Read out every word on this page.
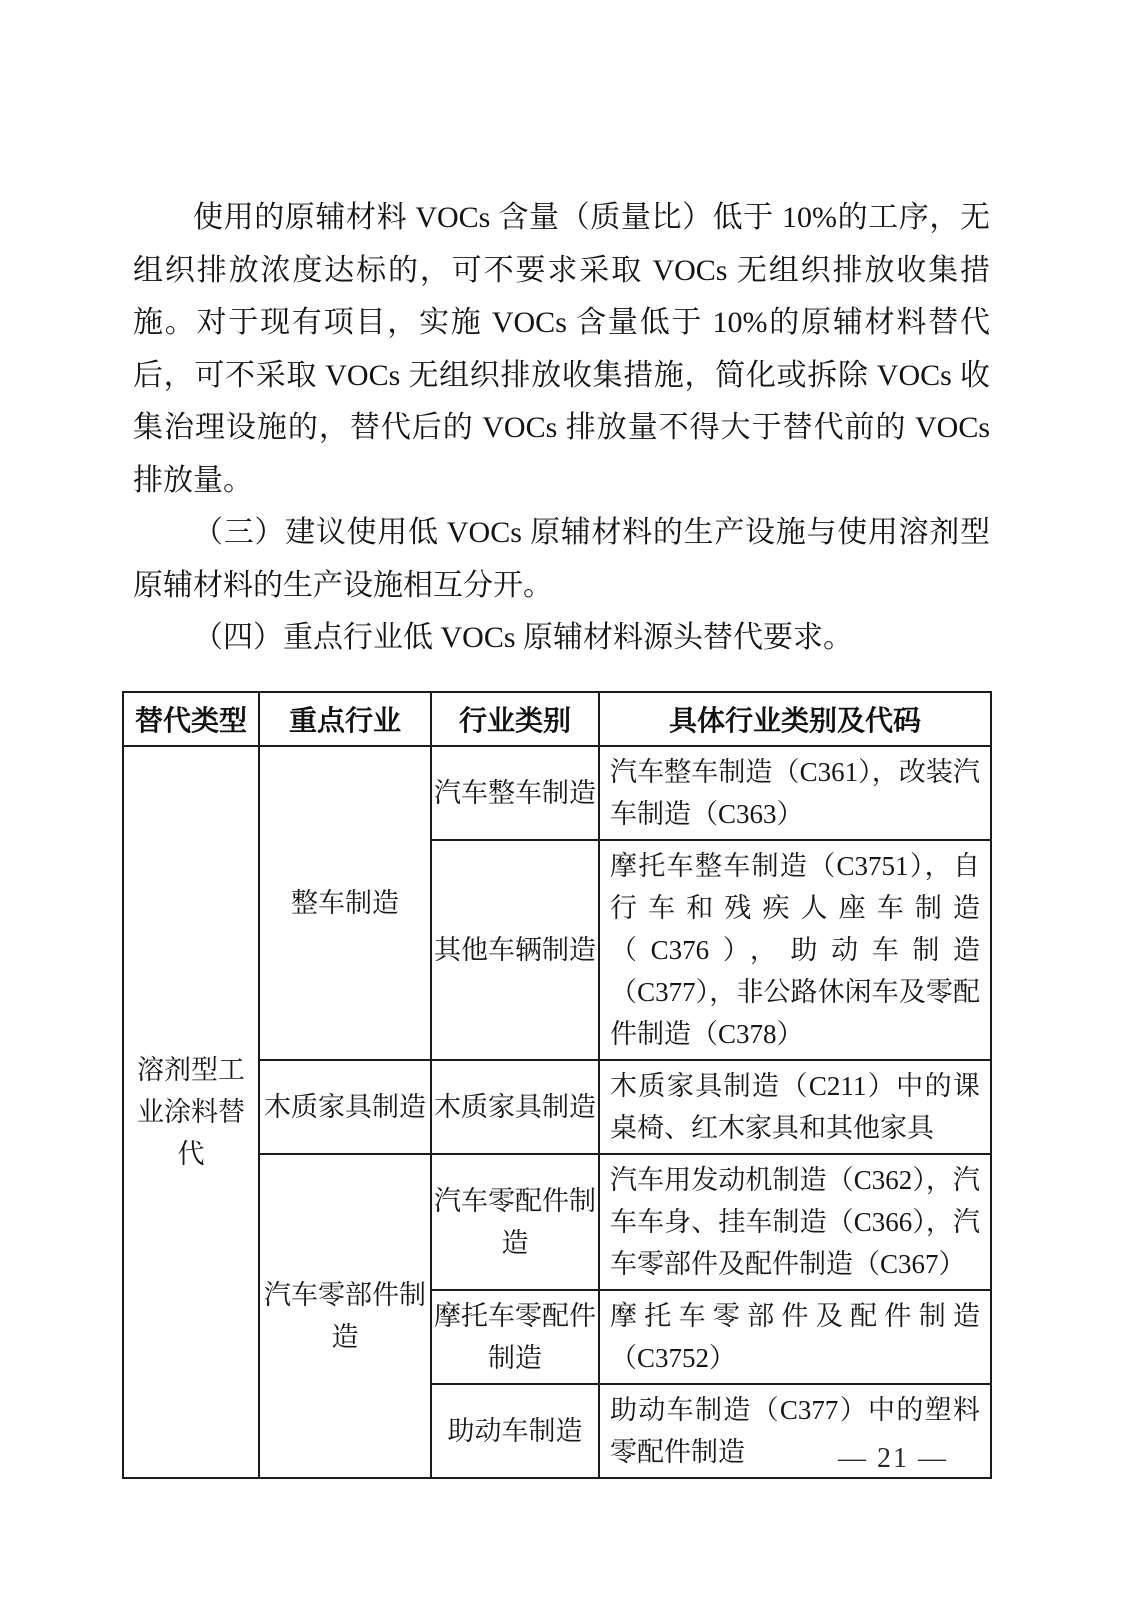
使用的原辅材料 VOCs 含量（质量比）低于 10%的工序，无组织排放浓度达标的，可不要求采取 VOCs 无组织排放收集措施。对于现有项目，实施 VOCs 含量低于 10%的原辅材料替代后，可不采取 VOCs 无组织排放收集措施，简化或拆除 VOCs 收集治理设施的，替代后的 VOCs 排放量不得大于替代前的 VOCs 排放量。

（三）建议使用低 VOCs 原辅材料的生产设施与使用溶剂型原辅材料的生产设施相互分开。

（四）重点行业低 VOCs 原辅材料源头替代要求。

替代类型	重点行业	行业类别	具体行业类别及代码
溶剂型工业涂料替代	整车制造	汽车整车制造	汽车整车制造（C361），改装汽车制造（C363）
		其他车辆制造	摩托车整车制造（C3751），自行车和残疾人座车制造（C376），助动车制造（C377），非公路休闲车及零配件制造（C378）
	木质家具制造	木质家具制造	木质家具制造（C211）中的课桌椅、红木家具和其他家具
	汽车零部件制造	汽车零配件制造	汽车用发动机制造（C362），汽车车身、挂车制造（C366），汽车零部件及配件制造（C367）
		摩托车零配件制造	摩托车零部件及配件制造（C3752）
		助动车制造	助动车制造（C377）中的塑料零配件制造	— 21 —
